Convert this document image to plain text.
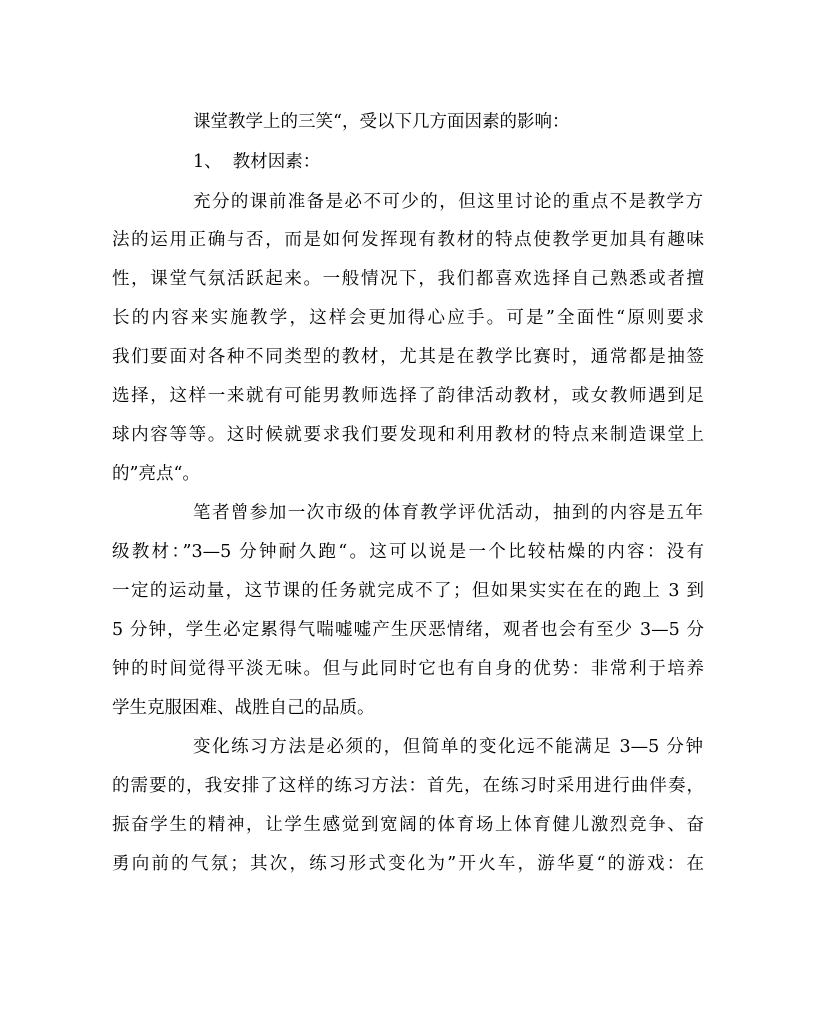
课堂教学上的三笑“，受以下几方面因素的影响：

1、  教材因素：

充分的课前准备是必不可少的，但这里讨论的重点不是教学方

法的运用正确与否，而是如何发挥现有教材的特点使教学更加具有趣味

性，课堂气氛活跃起来。一般情况下，我们都喜欢选择自己熟悉或者擅

长的内容来实施教学，这样会更加得心应手。可是”全面性“原则要求

我们要面对各种不同类型的教材，尤其是在教学比赛时，通常都是抽签

选择，这样一来就有可能男教师选择了韵律活动教材，或女教师遇到足

球内容等等。这时候就要求我们要发现和利用教材的特点来制造课堂上

的”亮点“。

笔者曾参加一次市级的体育教学评优活动，抽到的内容是五年

级教材：”3—5 分钟耐久跑“。这可以说是一个比较枯燥的内容：没有

一定的运动量，这节课的任务就完成不了；但如果实实在在的跑上 3 到

5 分钟，学生必定累得气喘嘘嘘产生厌恶情绪，观者也会有至少 3—5 分

钟的时间觉得平淡无味。但与此同时它也有自身的优势：非常利于培养

学生克服困难、战胜自己的品质。

变化练习方法是必须的，但简单的变化远不能满足 3—5 分钟

的需要的，我安排了这样的练习方法：首先，在练习时采用进行曲伴奏，

振奋学生的精神，让学生感觉到宽阔的体育场上体育健儿激烈竞争、奋

勇向前的气氛；其次，练习形式变化为”开火车，游华夏“的游戏：在
